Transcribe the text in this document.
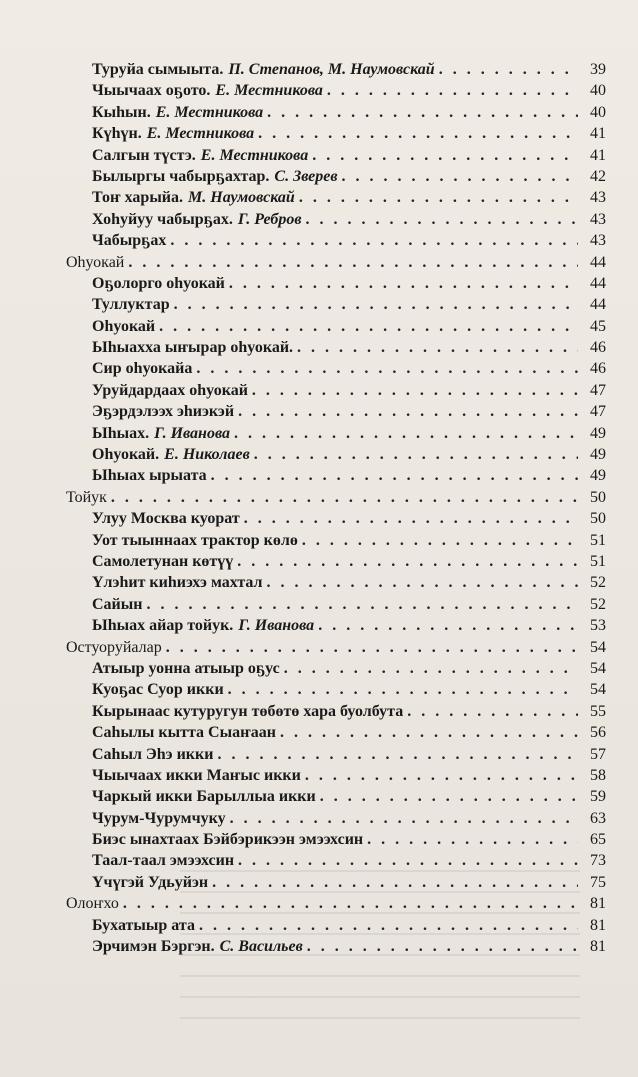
Туруйа сымыыта. П. Степанов, М. Наумовскай . . .	39
Чыычаах оҕото. Е. Местникова . . .	40
Кыһын. Е. Местникова . . .	40
Күһүн. Е. Местникова . . .	41
Салгын түстэ. Е. Местникова . . .	41
Былыргы чабырҕахтар. С. Зверев . . .	42
Тоҥ харыйа. М. Наумовскай . . .	43
Хоһуйуу чабырҕах. Г. Ребров . . .	43
Чабырҕах . . .	43
Оһуокай . . .	44
Оҕолорго оһуокай . . .	44
Туллуктар . . .	44
Оһуокай . . .	45
Ыһыахха ыҥырар оһуокай. . . .	46
Сир оһуокайа . . .	46
Уруйдардаах оһуокай . . .	47
Эҕэрдэлээх эһиэкэй . . .	47
Ыһыах. Г. Иванова . . .	49
Оһуокай. Е. Николаев . . .	49
Ыһыах ырыата . . .	49
Тойук . . .	50
Улуу Москва куорат . . .	50
Уот тыыннаах трактор көлө . . .	51
Самолетунан көтүү . . .	51
Үлэһит киһиэхэ махтал . . .	52
Сайын . . .	52
Ыһыах айар тойук. Г. Иванова . . .	53
Остуоруйалар . . .	54
Атыыр уонна атыыр оҕус . . .	54
Куоҕас Суор икки . . .	54
Кырынаас кутуругун төбөтө хара буолбута . . .	55
Саһылы кытта Сыаҥаан . . .	56
Саһыл Эһэ икки . . .	57
Чыычаах икки Маҥыс икки . . .	58
Чаркый икки Барыллыа икки . . .	59
Чурум-Чурумчуку . . .	63
Биэс ынахтаах Бэйбэрикээн эмээхсин . . .	65
Таал-таал эмээхсин . . .	73
Үчүгэй Удьуйэн . . .	75
Олоҥхо . . .	81
Бухатыыр ата . . .	81
Эрчимэн Бэргэн. С. Васильев . . .	81
